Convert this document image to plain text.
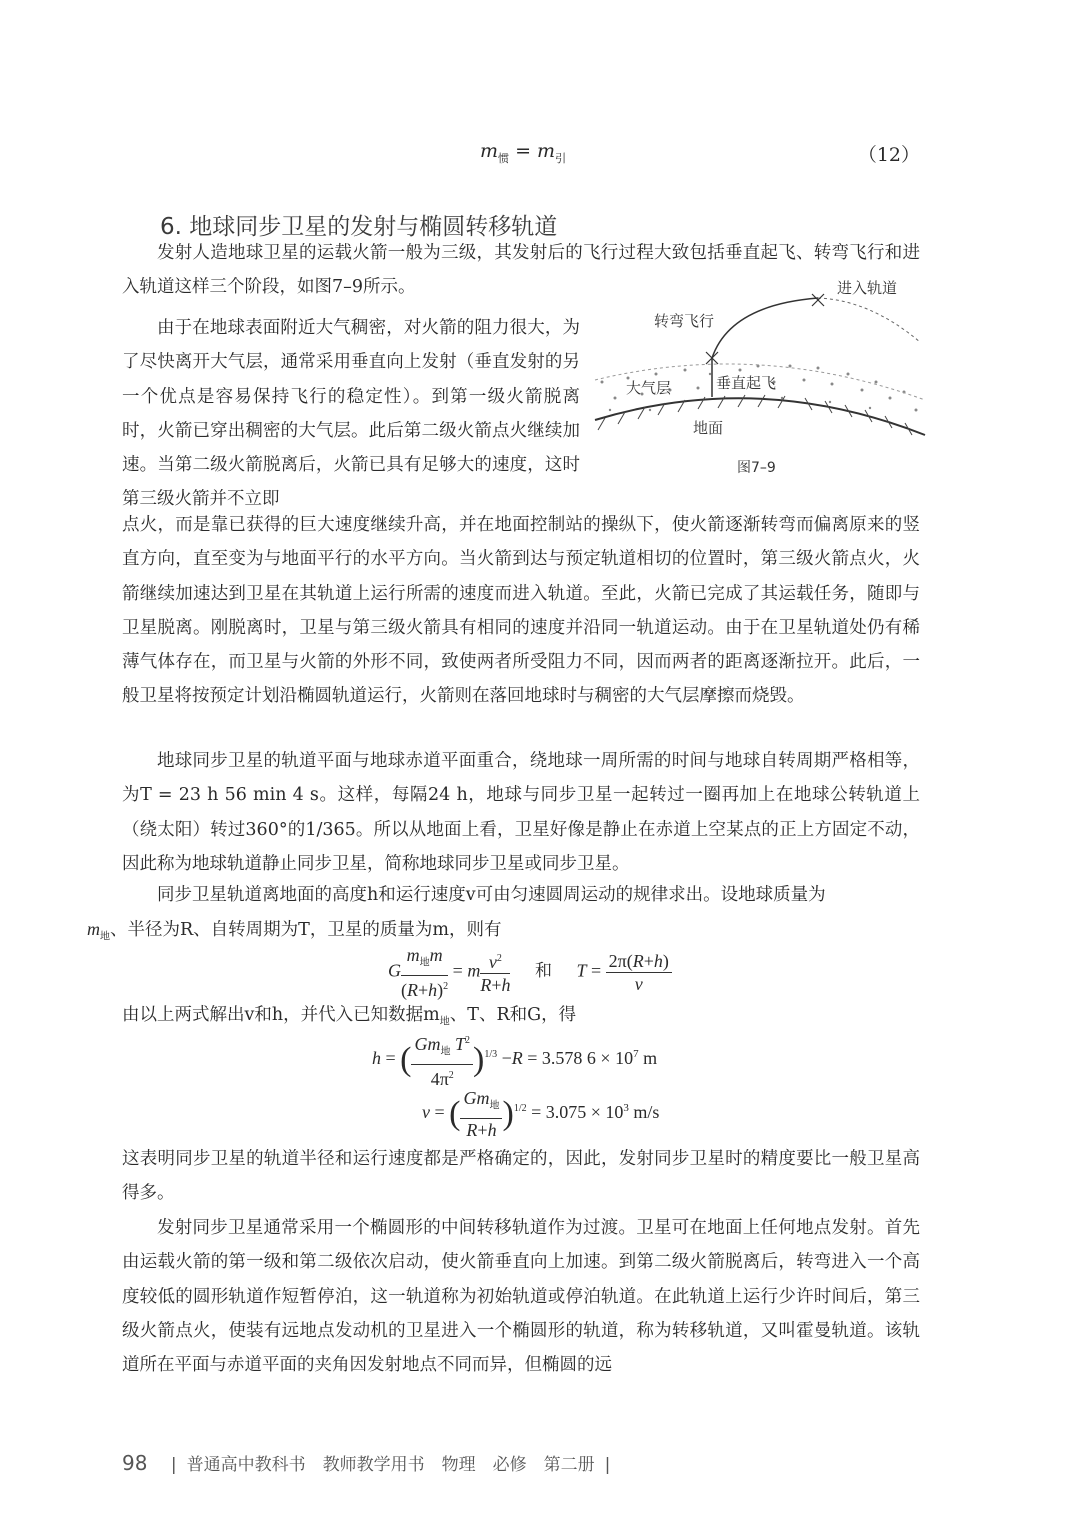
$m_惯 = m_引$	（12）
6. 地球同步卫星的发射与椭圆转移轨道
发射人造地球卫星的运载火箭一般为三级，其发射后的飞行过程大致包括垂直起飞、转弯飞行和进入轨道这样三个阶段，如图7–9所示。
由于在地球表面附近大气稠密，对火箭的阻力很大，为了尽快离开大气层，通常采用垂直向上发射（垂直发射的另一个优点是容易保持飞行的稳定性）。到第一级火箭脱离时，火箭已穿出稠密的大气层。此后第二级火箭点火继续加速。当第二级火箭脱离后，火箭已具有足够大的速度，这时第三级火箭并不立即
进入轨道
转弯飞行
大气层	垂直起飞
地面
图7–9
点火，而是靠已获得的巨大速度继续升高，并在地面控制站的操纵下，使火箭逐渐转弯而偏离原来的竖直方向，直至变为与地面平行的水平方向。当火箭到达与预定轨道相切的位置时，第三级火箭点火，火箭继续加速达到卫星在其轨道上运行所需的速度而进入轨道。至此，火箭已完成了其运载任务，随即与卫星脱离。刚脱离时，卫星与第三级火箭具有相同的速度并沿同一轨道运动。由于在卫星轨道处仍有稀薄气体存在，而卫星与火箭的外形不同，致使两者所受阻力不同，因而两者的距离逐渐拉开。此后，一般卫星将按预定计划沿椭圆轨道运行，火箭则在落回地球时与稠密的大气层摩擦而烧毁。
地球同步卫星的轨道平面与地球赤道平面重合，绕地球一周所需的时间与地球自转周期严格相等，为T = 23 h 56 min 4 s。这样，每隔24 h，地球与同步卫星一起转过一圈再加上在地球公转轨道上（绕太阳）转过360°的1/365。所以从地面上看，卫星好像是静止在赤道上空某点的正上方固定不动，因此称为地球轨道静止同步卫星，简称地球同步卫星或同步卫星。
同步卫星轨道离地面的高度h和运行速度v可由匀速圆周运动的规律求出。设地球质量为
$m_地$、半径为R、自转周期为T，卫星的质量为m，则有
G $\frac{m_地m}{(R+h)^2} = m \frac{v^2}{R+h}$ 和 $T = \frac{2\pi(R+h)}{v}$
由以上两式解出v和h，并代入已知数据$m_地$、T、R和G，得
h = ( $\frac{Gm_地 T^2}{4\pi^2} )^{1/3} -R = 3.578$ $6 \times 10^7$ m
v = ( $\frac{Gm_地}{R+h} )^{1/2} = 3.075 \times 10^3$ m/s
这表明同步卫星的轨道半径和运行速度都是严格确定的，因此，发射同步卫星时的精度要比一般卫星高得多。
发射同步卫星通常采用一个椭圆形的中间转移轨道作为过渡。卫星可在地面上任何地点发射。首先由运载火箭的第一级和第二级依次启动，使火箭垂直向上加速。到第二级火箭脱离后，转弯进入一个高度较低的圆形轨道作短暂停泊，这一轨道称为初始轨道或停泊轨道。在此轨道上运行少许时间后，第三级火箭点火，使装有远地点发动机的卫星进入一个椭圆形的轨道，称为转移轨道，又叫霍曼轨道。该轨道所在平面与赤道平面的夹角因发射地点不同而异，但椭圆的远
98 | 普通高中教科书　教师教学用书　物理　必修　第二册 |
